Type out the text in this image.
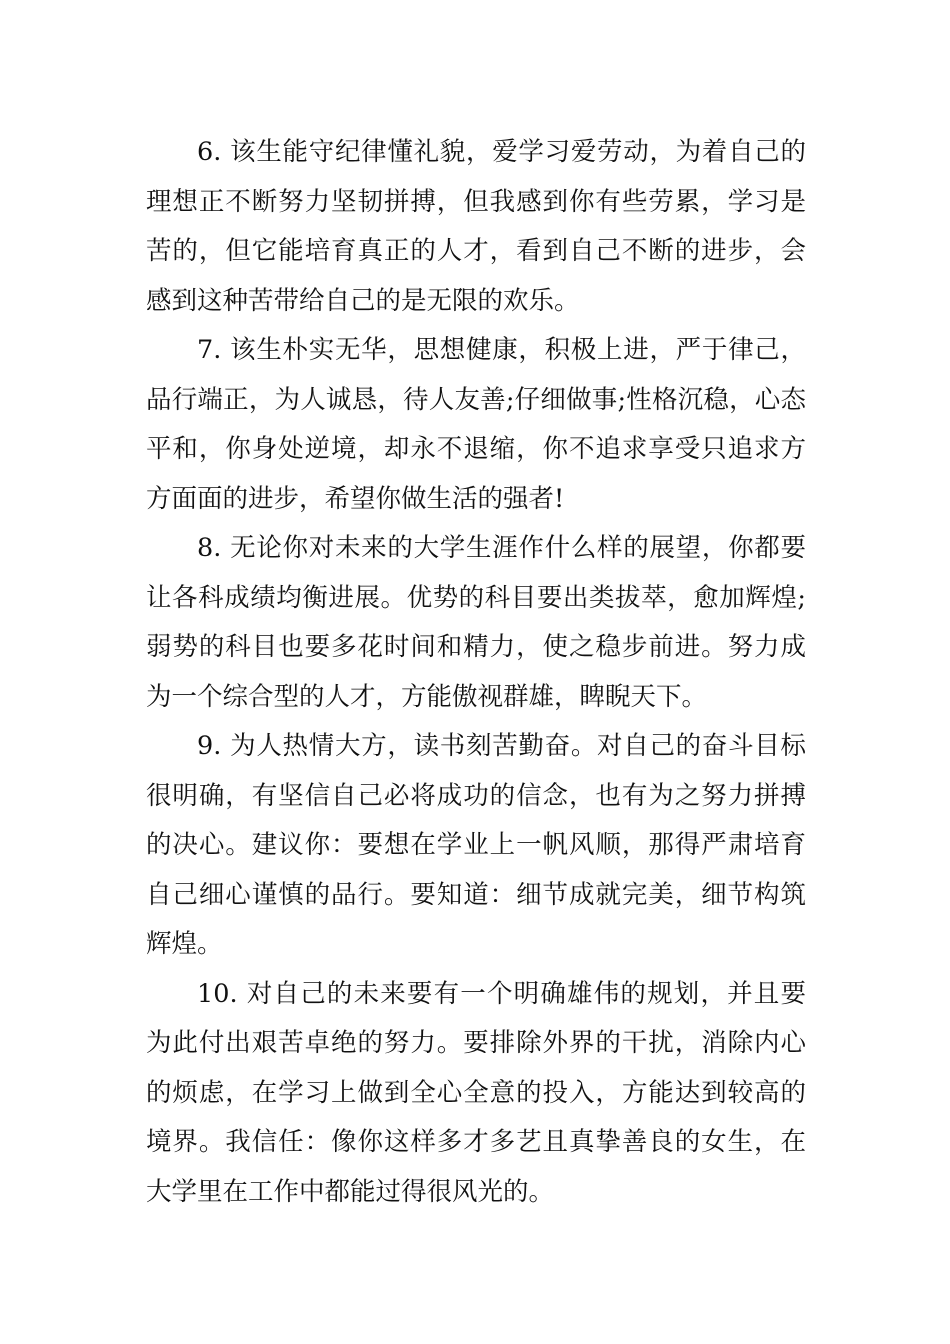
6. 该生能守纪律懂礼貌，爱学习爱劳动，为着自己的理想正不断努力坚韧拼搏，但我感到你有些劳累，学习是苦的，但它能培育真正的人才，看到自己不断的进步，会感到这种苦带给自己的是无限的欢乐。

7. 该生朴实无华，思想健康，积极上进，严于律己，品行端正，为人诚恳，待人友善;仔细做事;性格沉稳，心态平和，你身处逆境，却永不退缩，你不追求享受只追求方方面面的进步，希望你做生活的强者!

8. 无论你对未来的大学生涯作什么样的展望，你都要让各科成绩均衡进展。优势的科目要出类拔萃，愈加辉煌;弱势的科目也要多花时间和精力，使之稳步前进。努力成为一个综合型的人才，方能傲视群雄，睥睨天下。

9. 为人热情大方，读书刻苦勤奋。对自己的奋斗目标很明确，有坚信自己必将成功的信念，也有为之努力拼搏的决心。建议你：要想在学业上一帆风顺，那得严肃培育自己细心谨慎的品行。要知道：细节成就完美，细节构筑辉煌。

10. 对自己的未来要有一个明确雄伟的规划，并且要为此付出艰苦卓绝的努力。要排除外界的干扰，消除内心的烦虑，在学习上做到全心全意的投入，方能达到较高的境界。我信任：像你这样多才多艺且真挚善良的女生，在大学里在工作中都能过得很风光的。
